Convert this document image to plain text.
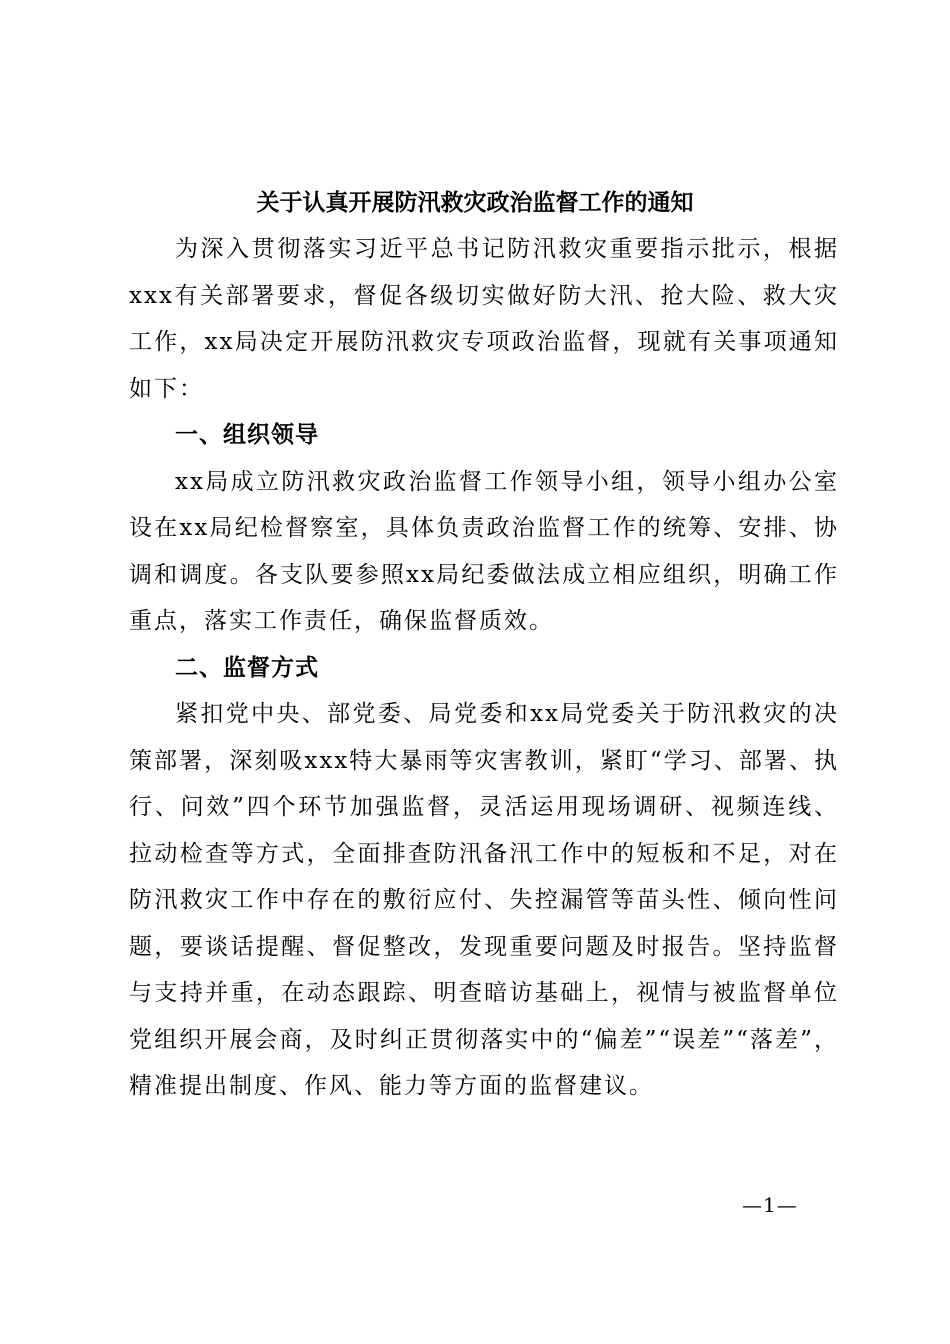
关于认真开展防汛救灾政治监督工作的通知

为深入贯彻落实习近平总书记防汛救灾重要指示批示，根据xxx有关部署要求，督促各级切实做好防大汛、抢大险、救大灾工作，xx局决定开展防汛救灾专项政治监督，现就有关事项通知如下：

一、组织领导

xx局成立防汛救灾政治监督工作领导小组，领导小组办公室设在xx局纪检督察室，具体负责政治监督工作的统筹、安排、协调和调度。各支队要参照xx局纪委做法成立相应组织，明确工作重点，落实工作责任，确保监督质效。

二、监督方式

紧扣党中央、部党委、局党委和xx局党委关于防汛救灾的决策部署，深刻吸xxx特大暴雨等灾害教训，紧盯“学习、部署、执行、问效”四个环节加强监督，灵活运用现场调研、视频连线、拉动检查等方式，全面排查防汛备汛工作中的短板和不足，对在防汛救灾工作中存在的敷衍应付、失控漏管等苗头性、倾向性问题，要谈话提醒、督促整改，发现重要问题及时报告。坚持监督与支持并重，在动态跟踪、明查暗访基础上，视情与被监督单位党组织开展会商，及时纠正贯彻落实中的“偏差”“误差”“落差”，精准提出制度、作风、能力等方面的监督建议。

—1—
